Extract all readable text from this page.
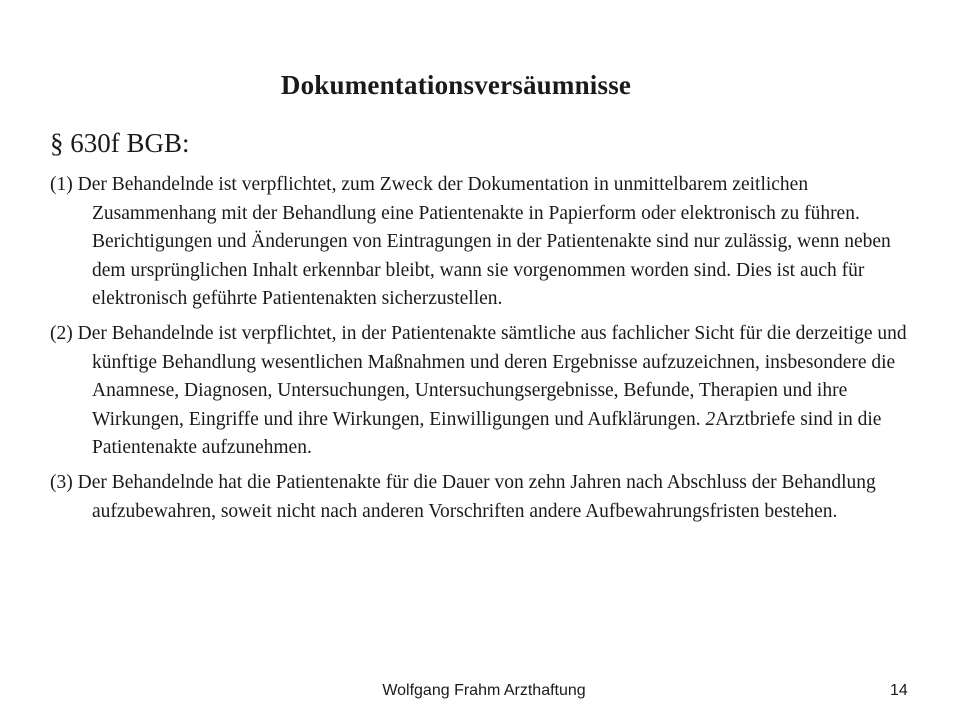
Dokumentationsversäumnisse
§ 630f BGB:

(1) Der Behandelnde ist verpflichtet, zum Zweck der Dokumentation in unmittelbarem zeitlichen Zusammenhang mit der Behandlung eine Patientenakte in Papierform oder elektronisch zu führen. Berichtigungen und Änderungen von Eintragungen in der Patientenakte sind nur zulässig, wenn neben dem ursprünglichen Inhalt erkennbar bleibt, wann sie vorgenommen worden sind. Dies ist auch für elektronisch geführte Patientenakten sicherzustellen.

(2) Der Behandelnde ist verpflichtet, in der Patientenakte sämtliche aus fachlicher Sicht für die derzeitige und künftige Behandlung wesentlichen Maßnahmen und deren Ergebnisse aufzuzeichnen, insbesondere die Anamnese, Diagnosen, Untersuchungen, Untersuchungsergebnisse, Befunde, Therapien und ihre Wirkungen, Eingriffe und ihre Wirkungen, Einwilligungen und Aufklärungen. 2Arztbriefe sind in die Patientenakte aufzunehmen.

(3) Der Behandelnde hat die Patientenakte für die Dauer von zehn Jahren nach Abschluss der Behandlung aufzubewahren, soweit nicht nach anderen Vorschriften andere Aufbewahrungsfristen bestehen.

Wolfgang Frahm Arzthaftung	14
